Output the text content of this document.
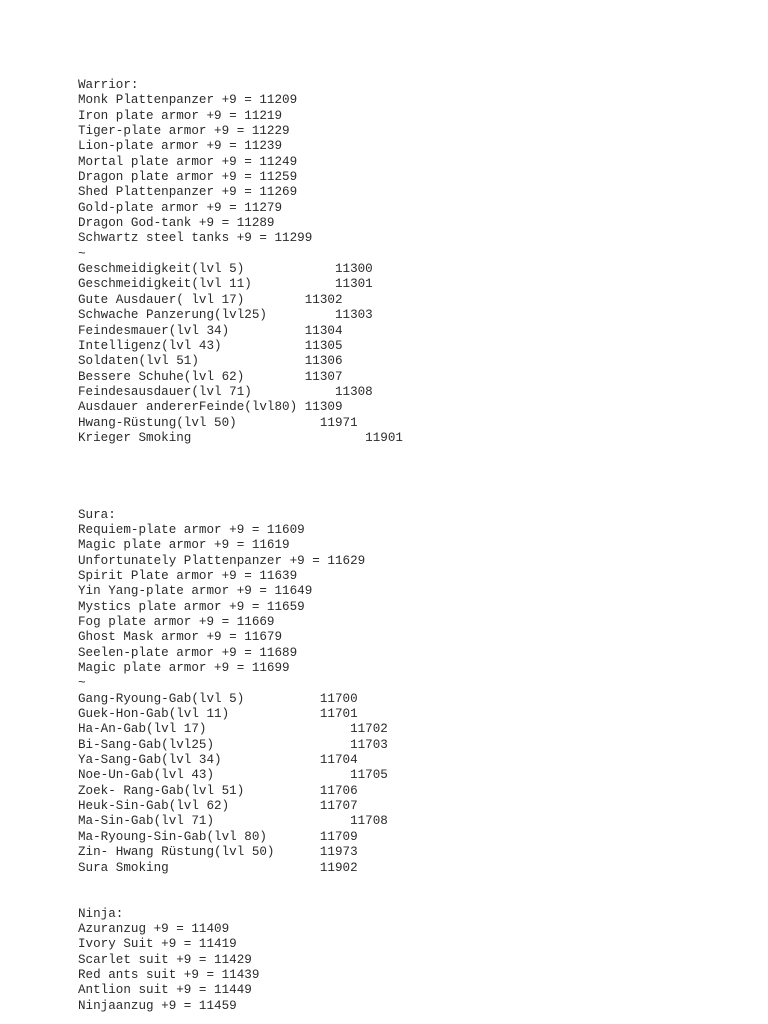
Warrior:
Monk Plattenpanzer +9 = 11209
Iron plate armor +9 = 11219
Tiger-plate armor +9 = 11229
Lion-plate armor +9 = 11239
Mortal plate armor +9 = 11249
Dragon plate armor +9 = 11259
Shed Plattenpanzer +9 = 11269
Gold-plate armor +9 = 11279
Dragon God-tank +9 = 11289
Schwartz steel tanks +9 = 11299
~
Geschmeidigkeit(lvl 5)            11300
Geschmeidigkeit(lvl 11)           11301
Gute Ausdauer( lvl 17)        11302
Schwache Panzerung(lvl25)         11303
Feindesmauer(lvl 34)          11304
Intelligenz(lvl 43)           11305
Soldaten(lvl 51)              11306
Bessere Schuhe(lvl 62)        11307
Feindesausdauer(lvl 71)           11308
Ausdauer andererFeinde(lvl80) 11309
Hwang-Rüstung(lvl 50)           11971
Krieger Smoking                       11901
Sura:
Requiem-plate armor +9 = 11609
Magic plate armor +9 = 11619
Unfortunately Plattenpanzer +9 = 11629
Spirit Plate armor +9 = 11639
Yin Yang-plate armor +9 = 11649
Mystics plate armor +9 = 11659
Fog plate armor +9 = 11669
Ghost Mask armor +9 = 11679
Seelen-plate armor +9 = 11689
Magic plate armor +9 = 11699
~
Gang-Ryoung-Gab(lvl 5)          11700
Guek-Hon-Gab(lvl 11)            11701
Ha-An-Gab(lvl 17)                   11702
Bi-Sang-Gab(lvl25)                  11703
Ya-Sang-Gab(lvl 34)             11704
Noe-Un-Gab(lvl 43)                  11705
Zoek- Rang-Gab(lvl 51)          11706
Heuk-Sin-Gab(lvl 62)            11707
Ma-Sin-Gab(lvl 71)                  11708
Ma-Ryoung-Sin-Gab(lvl 80)       11709
Zin- Hwang Rüstung(lvl 50)      11973
Sura Smoking                    11902
Ninja:
Azuranzug +9 = 11409
Ivory Suit +9 = 11419
Scarlet suit +9 = 11429
Red ants suit +9 = 11439
Antlion suit +9 = 11449
Ninjaanzug +9 = 11459
